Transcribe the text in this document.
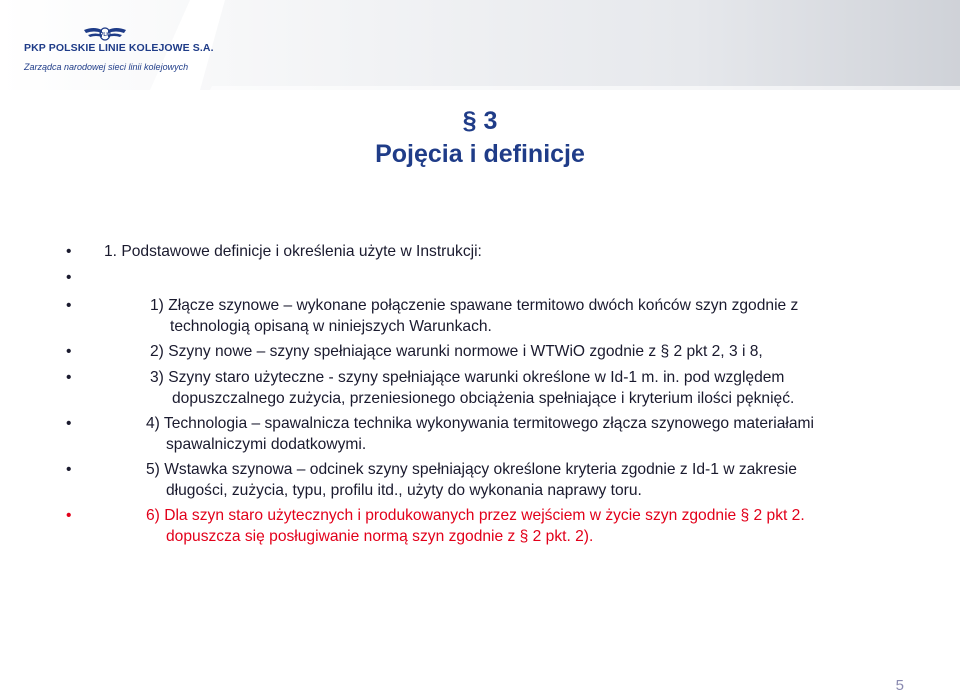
PLK
PKP POLSKIE LINIE KOLEJOWE S.A.
Zarządca narodowej sieci linii kolejowych
§ 3
Pojęcia i definicje
•	1. Podstawowe definicje i określenia użyte w Instrukcji:
•
•	1) Złącze szynowe – wykonane połączenie spawane termitowo dwóch końców szyn zgodnie z
technologią opisaną w niniejszych Warunkach.
•	2) Szyny nowe – szyny spełniające warunki normowe i WTWiO zgodnie z § 2 pkt 2, 3 i 8,
•	3) Szyny staro użyteczne - szyny spełniające warunki określone w Id-1 m. in. pod względem
dopuszczalnego zużycia, przeniesionego obciążenia spełniające i kryterium ilości pęknięć.
•	4) Technologia – spawalnicza technika wykonywania termitowego złącza szynowego materiałami
spawalniczymi dodatkowymi.
•	5) Wstawka szynowa – odcinek szyny spełniający określone kryteria zgodnie z Id-1 w zakresie
długości, zużycia, typu, profilu itd., użyty do wykonania naprawy toru.
•	6) Dla szyn staro użytecznych i produkowanych przez wejściem w życie szyn zgodnie § 2 pkt 2.
dopuszcza się posługiwanie normą szyn zgodnie z § 2 pkt. 2).
5
